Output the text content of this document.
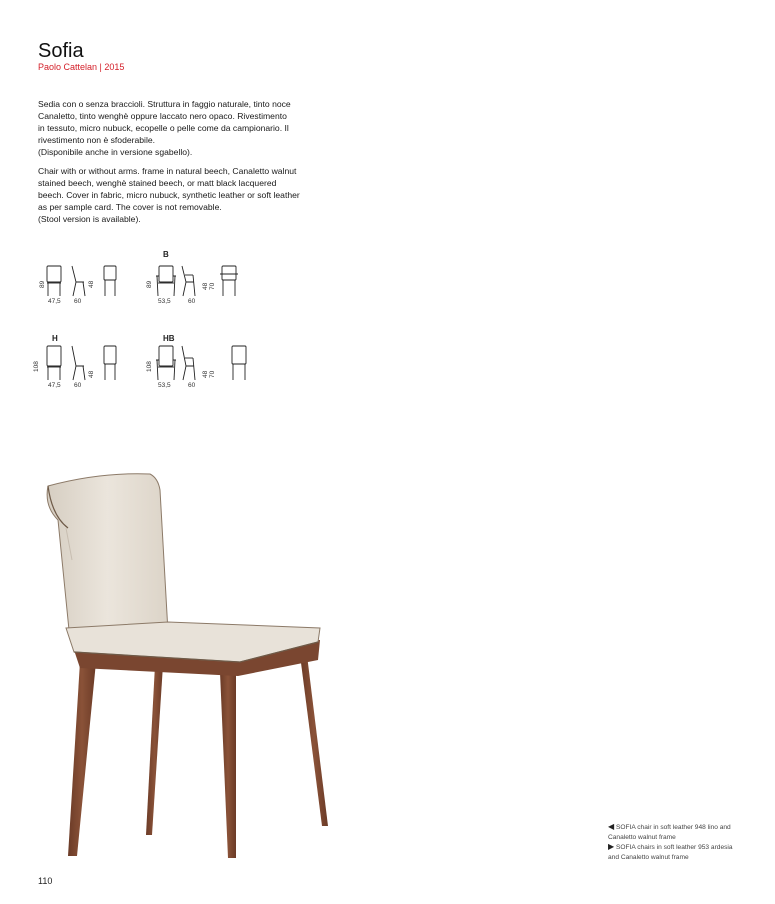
Sofia
Paolo Cattelan | 2015

Sedia con o senza braccioli. Struttura in faggio naturale, tinto noce
Canaletto, tinto wenghè oppure laccato nero opaco. Rivestimento
in tessuto, micro nubuck, ecopelle o pelle come da campionario. Il
rivestimento non è sfoderabile.
(Disponibile anche in versione sgabello).

Chair with or without arms. frame in natural beech, Canaletto walnut
stained beech, wenghè stained beech, or matt black lacquered
beech. Cover in fabric, micro nubuck, synthetic leather or soft leather
as per sample card. The cover is not removable.
(Stool version is available).

89	48
47,5 60
B
89	48 70
53,5	60
H
108
48
47,5 60
HB
108
48 70
53,5	60
◀ SOFIA chair in soft leather 948 lino and
Canaletto walnut frame
▶ SOFIA chairs in soft leather 953 ardesia
and Canaletto walnut frame
110
